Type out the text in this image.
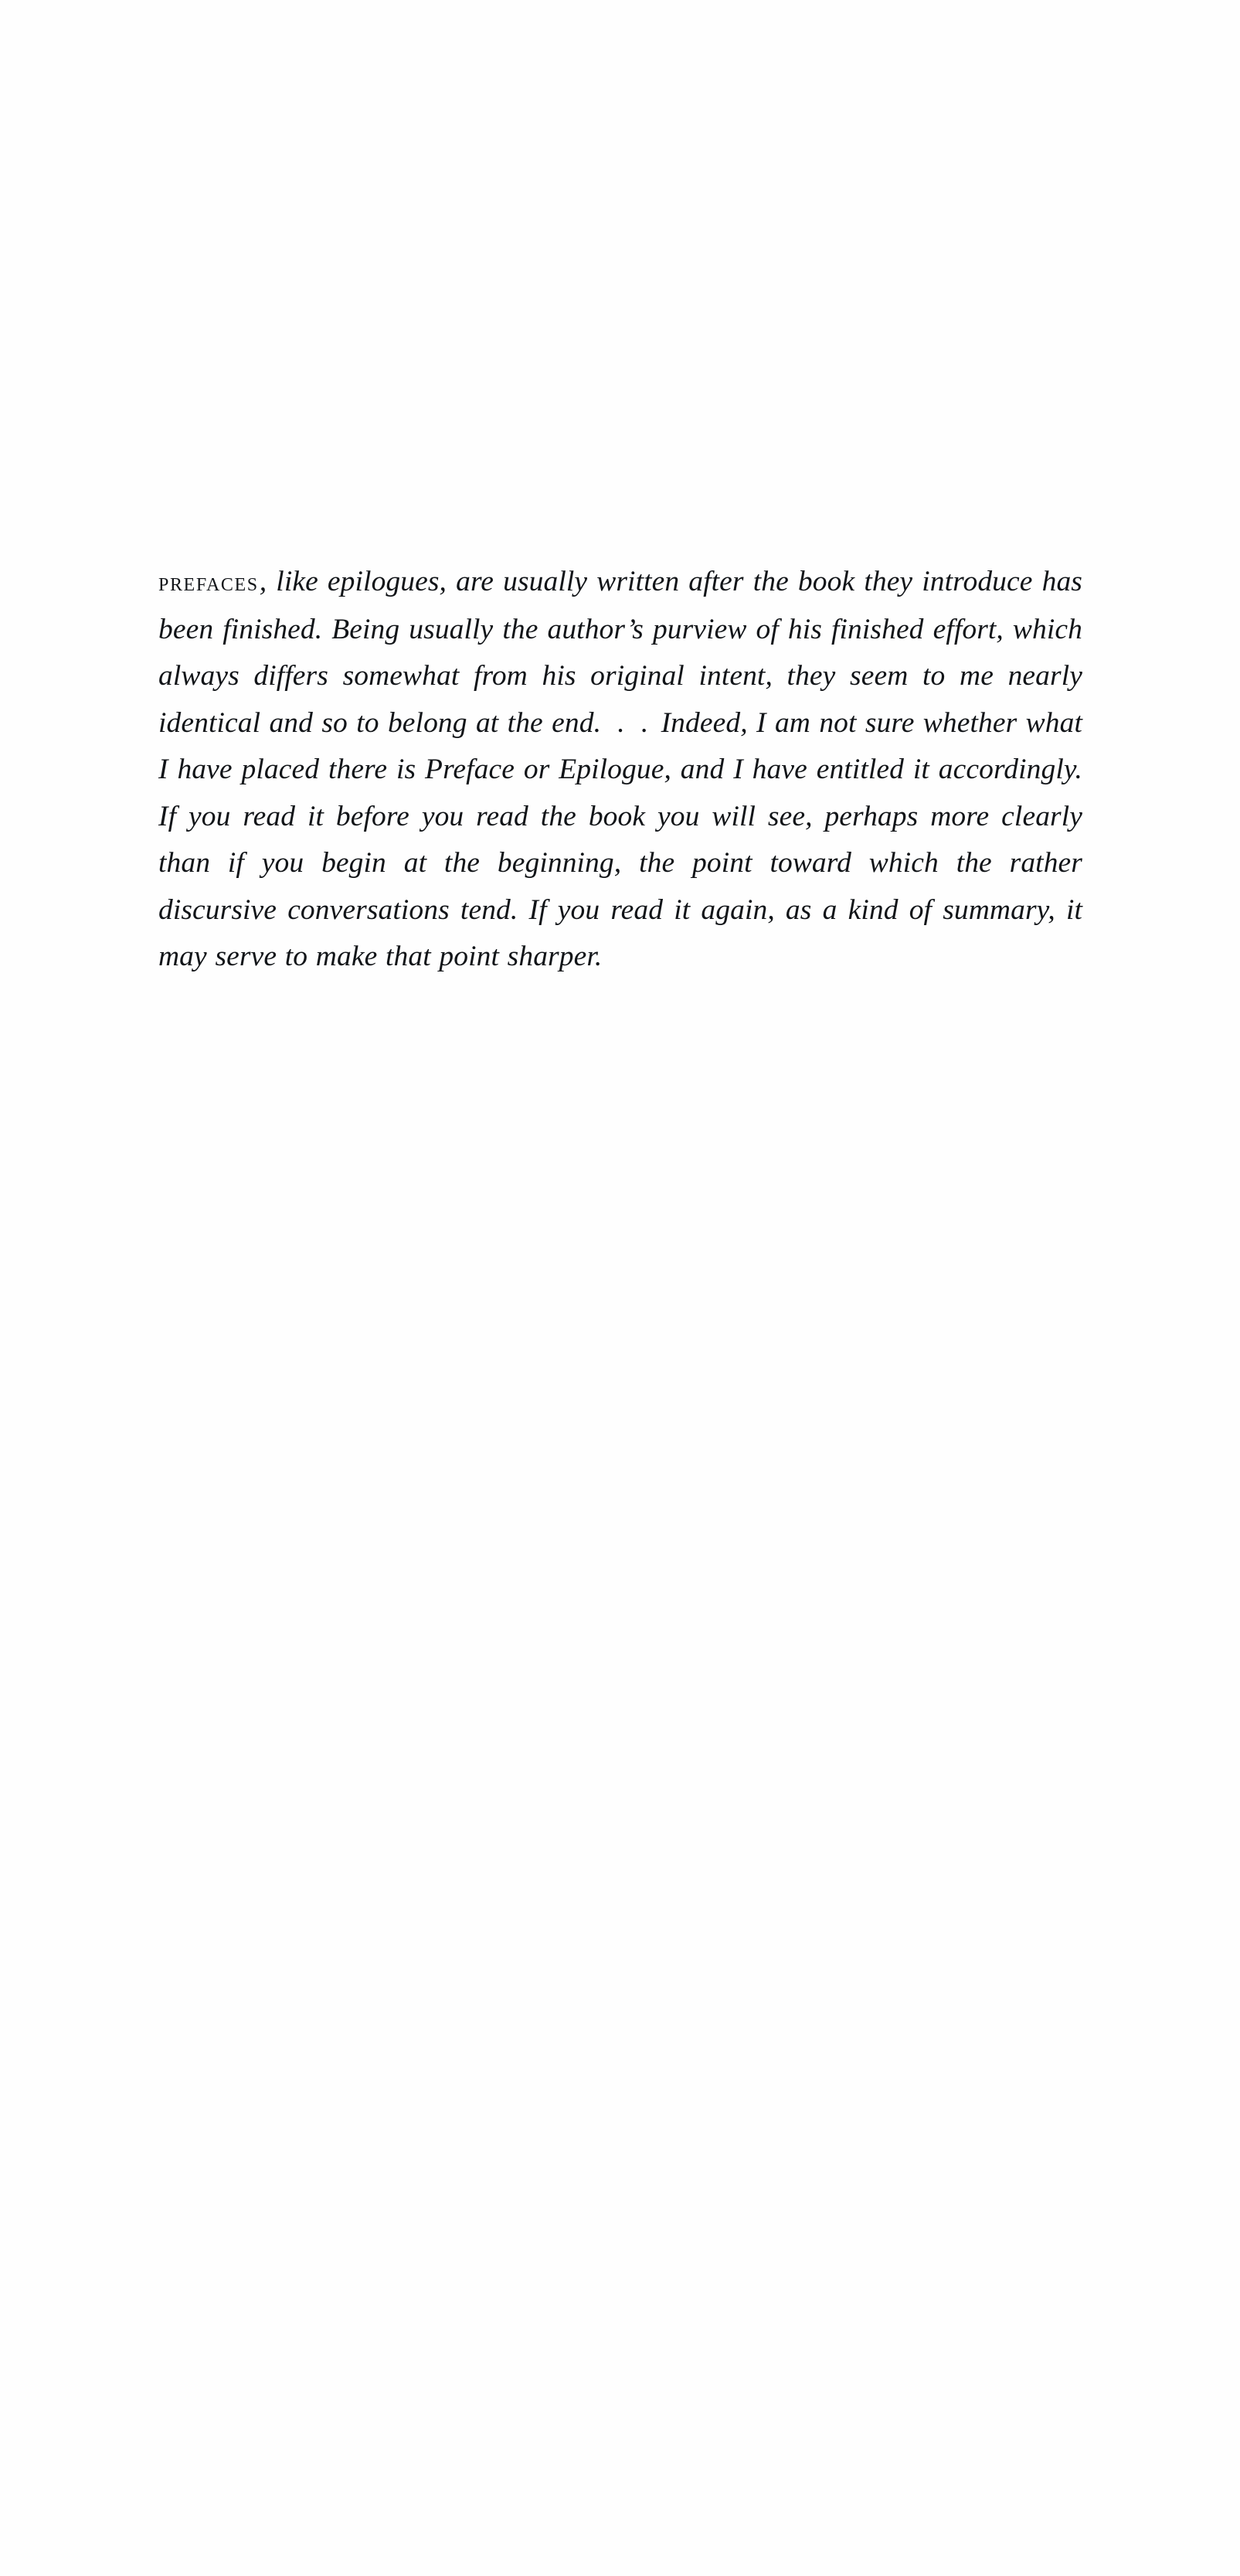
prefaces, like epilogues, are usually written after the book they introduce has been finished. Being usually the author’s purview of his finished effort, which always differs somewhat from his original intent, they seem to me nearly identical and so to belong at the end. . . Indeed, I am not sure whether what I have placed there is Preface or Epilogue, and I have entitled it accordingly. If you read it before you read the book you will see, perhaps more clearly than if you begin at the beginning, the point toward which the rather discursive conversations tend. If you read it again, as a kind of summary, it may serve to make that point sharper.
